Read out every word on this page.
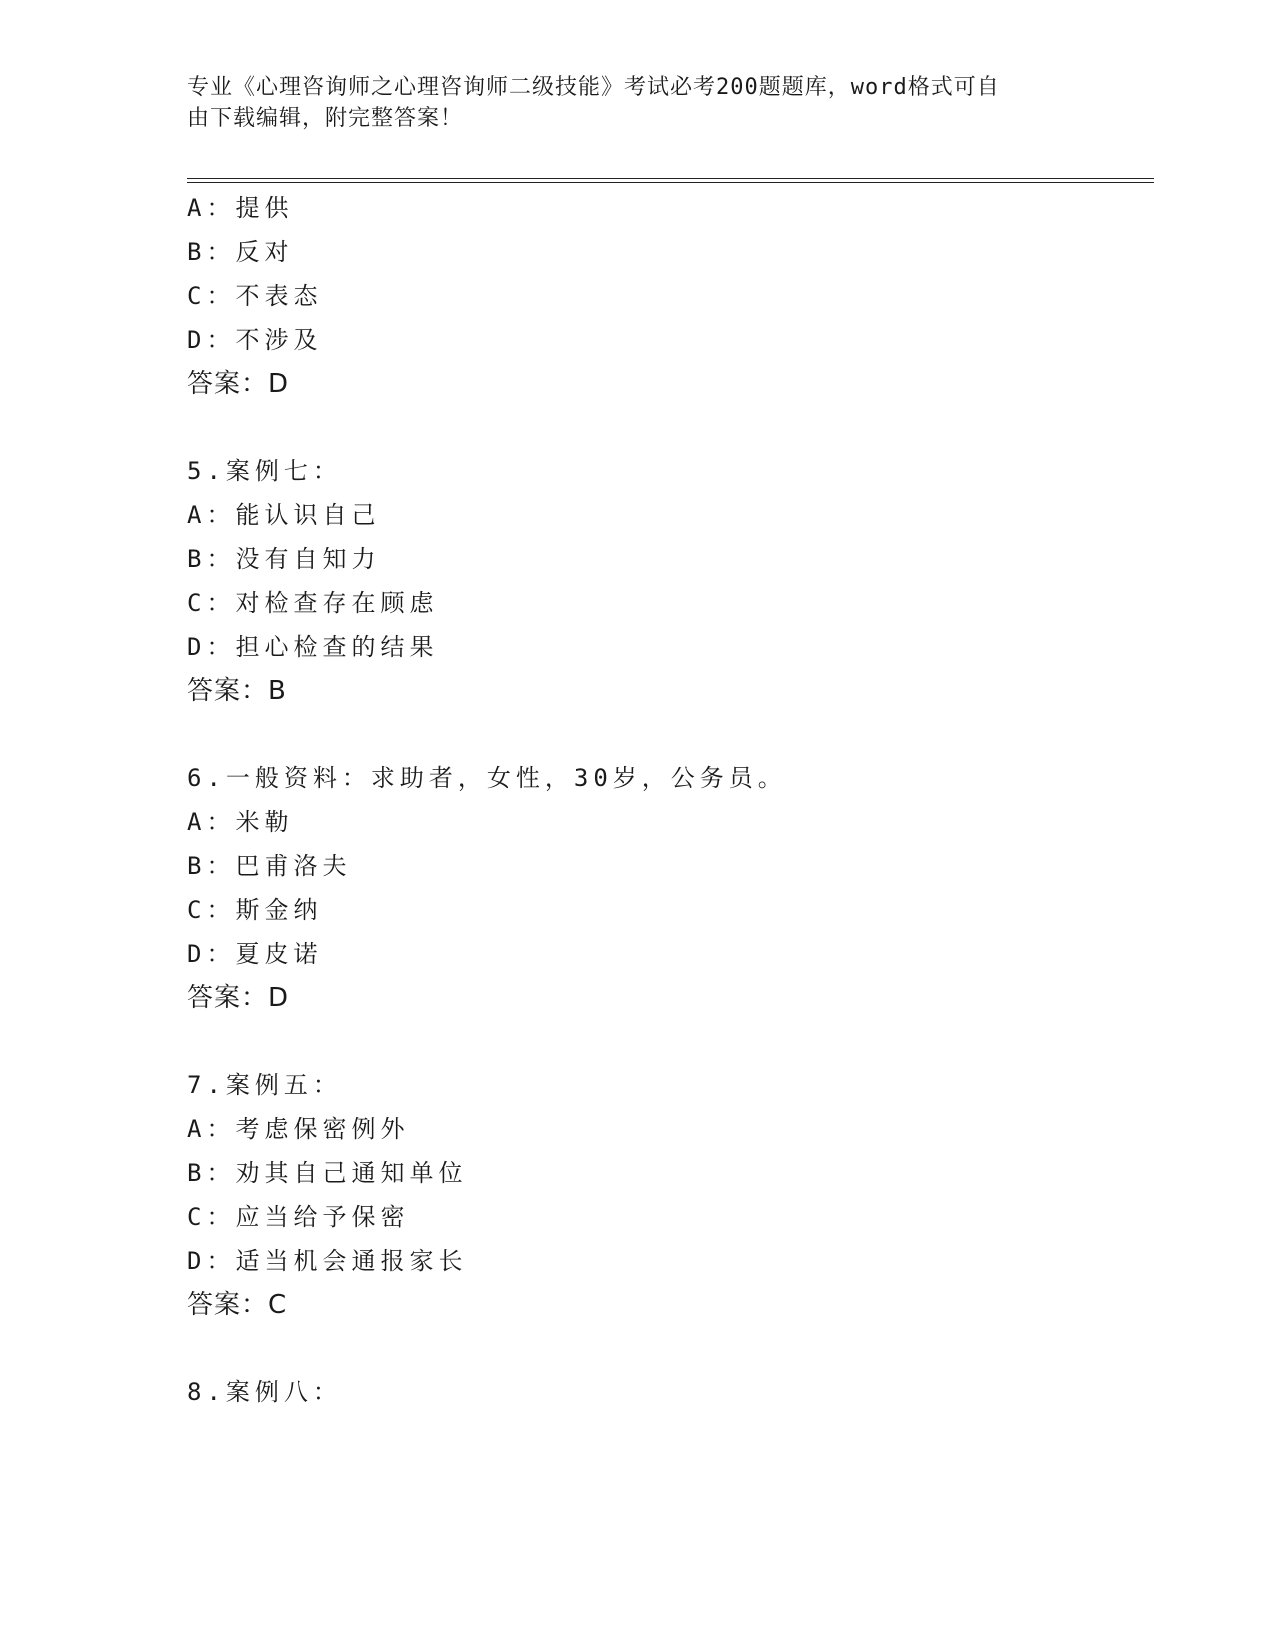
专业《心理咨询师之心理咨询师二级技能》考试必考200题题库，word格式可自
由下载编辑，附完整答案！
A：提供
B：反对
C：不表态
D：不涉及
答案：D
5.案例七：
A：能认识自己
B：没有自知力
C：对检查存在顾虑
D：担心检查的结果
答案：B
6.一般资料：求助者，女性，30岁，公务员。
A：米勒
B：巴甫洛夫
C：斯金纳
D：夏皮诺
答案：D
7.案例五：
A：考虑保密例外
B：劝其自己通知单位
C：应当给予保密
D：适当机会通报家长
答案：C
8.案例八：
